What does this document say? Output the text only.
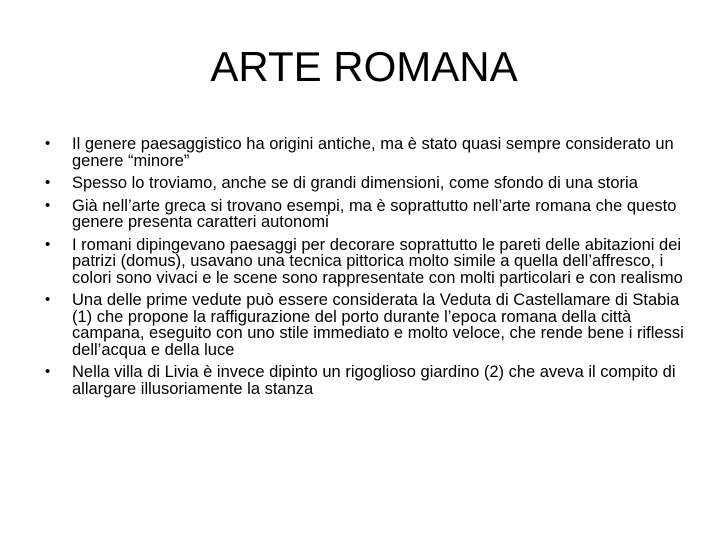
ARTE ROMANA
• Il genere paesaggistico ha origini antiche, ma è stato quasi sempre considerato un genere “minore”
• Spesso lo troviamo, anche se di grandi dimensioni, come sfondo di una storia
• Già nell’arte greca si trovano esempi, ma è soprattutto nell’arte romana che questo genere presenta caratteri autonomi
• I romani dipingevano paesaggi per decorare soprattutto le pareti delle abitazioni dei patrizi (domus), usavano una tecnica pittorica molto simile a quella dell’affresco, i colori sono vivaci e le scene sono rappresentate con molti particolari e con realismo
• Una delle prime vedute può essere considerata la Veduta di Castellamare di Stabia (1) che propone la raffigurazione del porto durante l’epoca romana della città campana, eseguito con uno stile immediato e molto veloce, che rende bene i riflessi dell’acqua e della luce
• Nella villa di Livia è invece dipinto un rigoglioso giardino (2) che aveva il compito di allargare illusoriamente la stanza
